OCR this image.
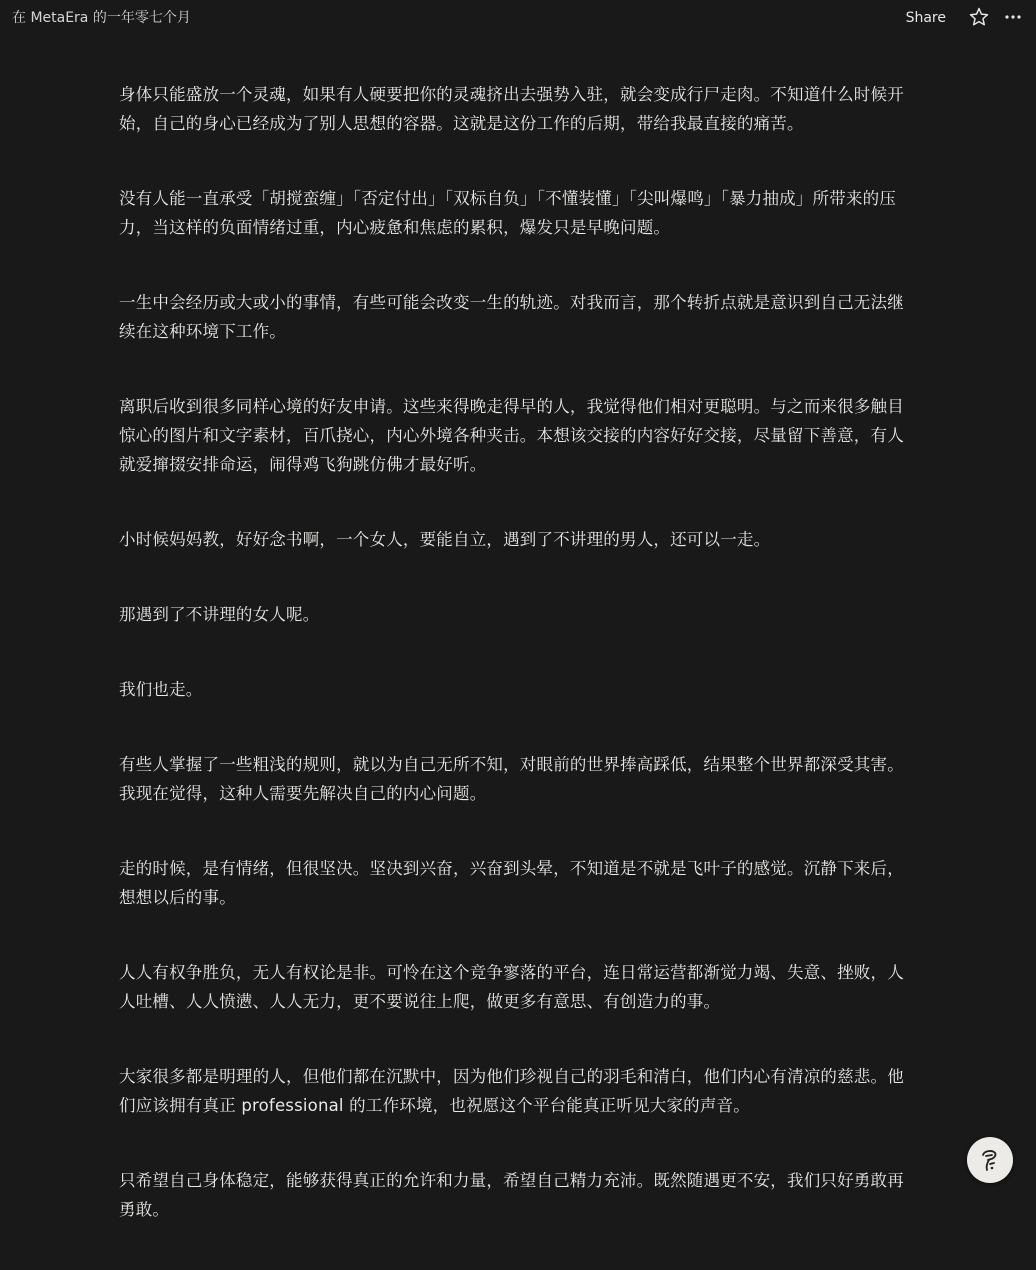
在 MetaEra 的一年零七个月	Share

身体只能盛放一个灵魂，如果有人硬要把你的灵魂挤出去强势入驻，就会变成行尸走肉。不知道什么时候开始，自己的身心已经成为了别人思想的容器。这就是这份工作的后期，带给我最直接的痛苦。

没有人能一直承受「胡搅蛮缠」「否定付出」「双标自负」「不懂装懂」「尖叫爆鸣」「暴力抽成」所带来的压力，当这样的负面情绪过重，内心疲惫和焦虑的累积，爆发只是早晚问题。

一生中会经历或大或小的事情，有些可能会改变一生的轨迹。对我而言，那个转折点就是意识到自己无法继续在这种环境下工作。

离职后收到很多同样心境的好友申请。这些来得晚走得早的人，我觉得他们相对更聪明。与之而来很多触目惊心的图片和文字素材，百爪挠心，内心外境各种夹击。本想该交接的内容好好交接，尽量留下善意，有人就爱撺掇安排命运，闹得鸡飞狗跳仿佛才最好听。

小时候妈妈教，好好念书啊，一个女人，要能自立，遇到了不讲理的男人，还可以一走。

那遇到了不讲理的女人呢。

我们也走。

有些人掌握了一些粗浅的规则，就以为自己无所不知，对眼前的世界捧高踩低，结果整个世界都深受其害。我现在觉得，这种人需要先解决自己的内心问题。

走的时候，是有情绪，但很坚决。坚决到兴奋，兴奋到头晕，不知道是不就是飞叶子的感觉。沉静下来后，想想以后的事。

人人有权争胜负，无人有权论是非。可怜在这个竞争寥落的平台，连日常运营都渐觉力竭、失意、挫败，人人吐槽、人人愤懑、人人无力，更不要说往上爬，做更多有意思、有创造力的事。

大家很多都是明理的人，但他们都在沉默中，因为他们珍视自己的羽毛和清白，他们内心有清凉的慈悲。他们应该拥有真正 professional 的工作环境，也祝愿这个平台能真正听见大家的声音。

只希望自己身体稳定，能够获得真正的允许和力量，希望自己精力充沛。既然随遇更不安，我们只好勇敢再勇敢。
